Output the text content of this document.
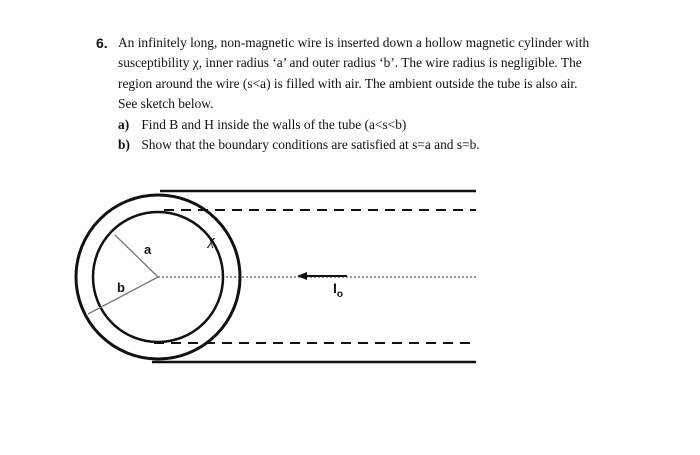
6. An infinitely long, non-magnetic wire is inserted down a hollow magnetic cylinder with
susceptibility χ, inner radius ‘a’ and outer radius ‘b’. The wire radius is negligible. The
region around the wire (s<a) is filled with air. The ambient outside the tube is also air.
See sketch below.
a) Find B and H inside the walls of the tube (a<s<b)
b) Show that the boundary conditions are satisfied at s=a and s=b.
a
b
χ
$I_o$
